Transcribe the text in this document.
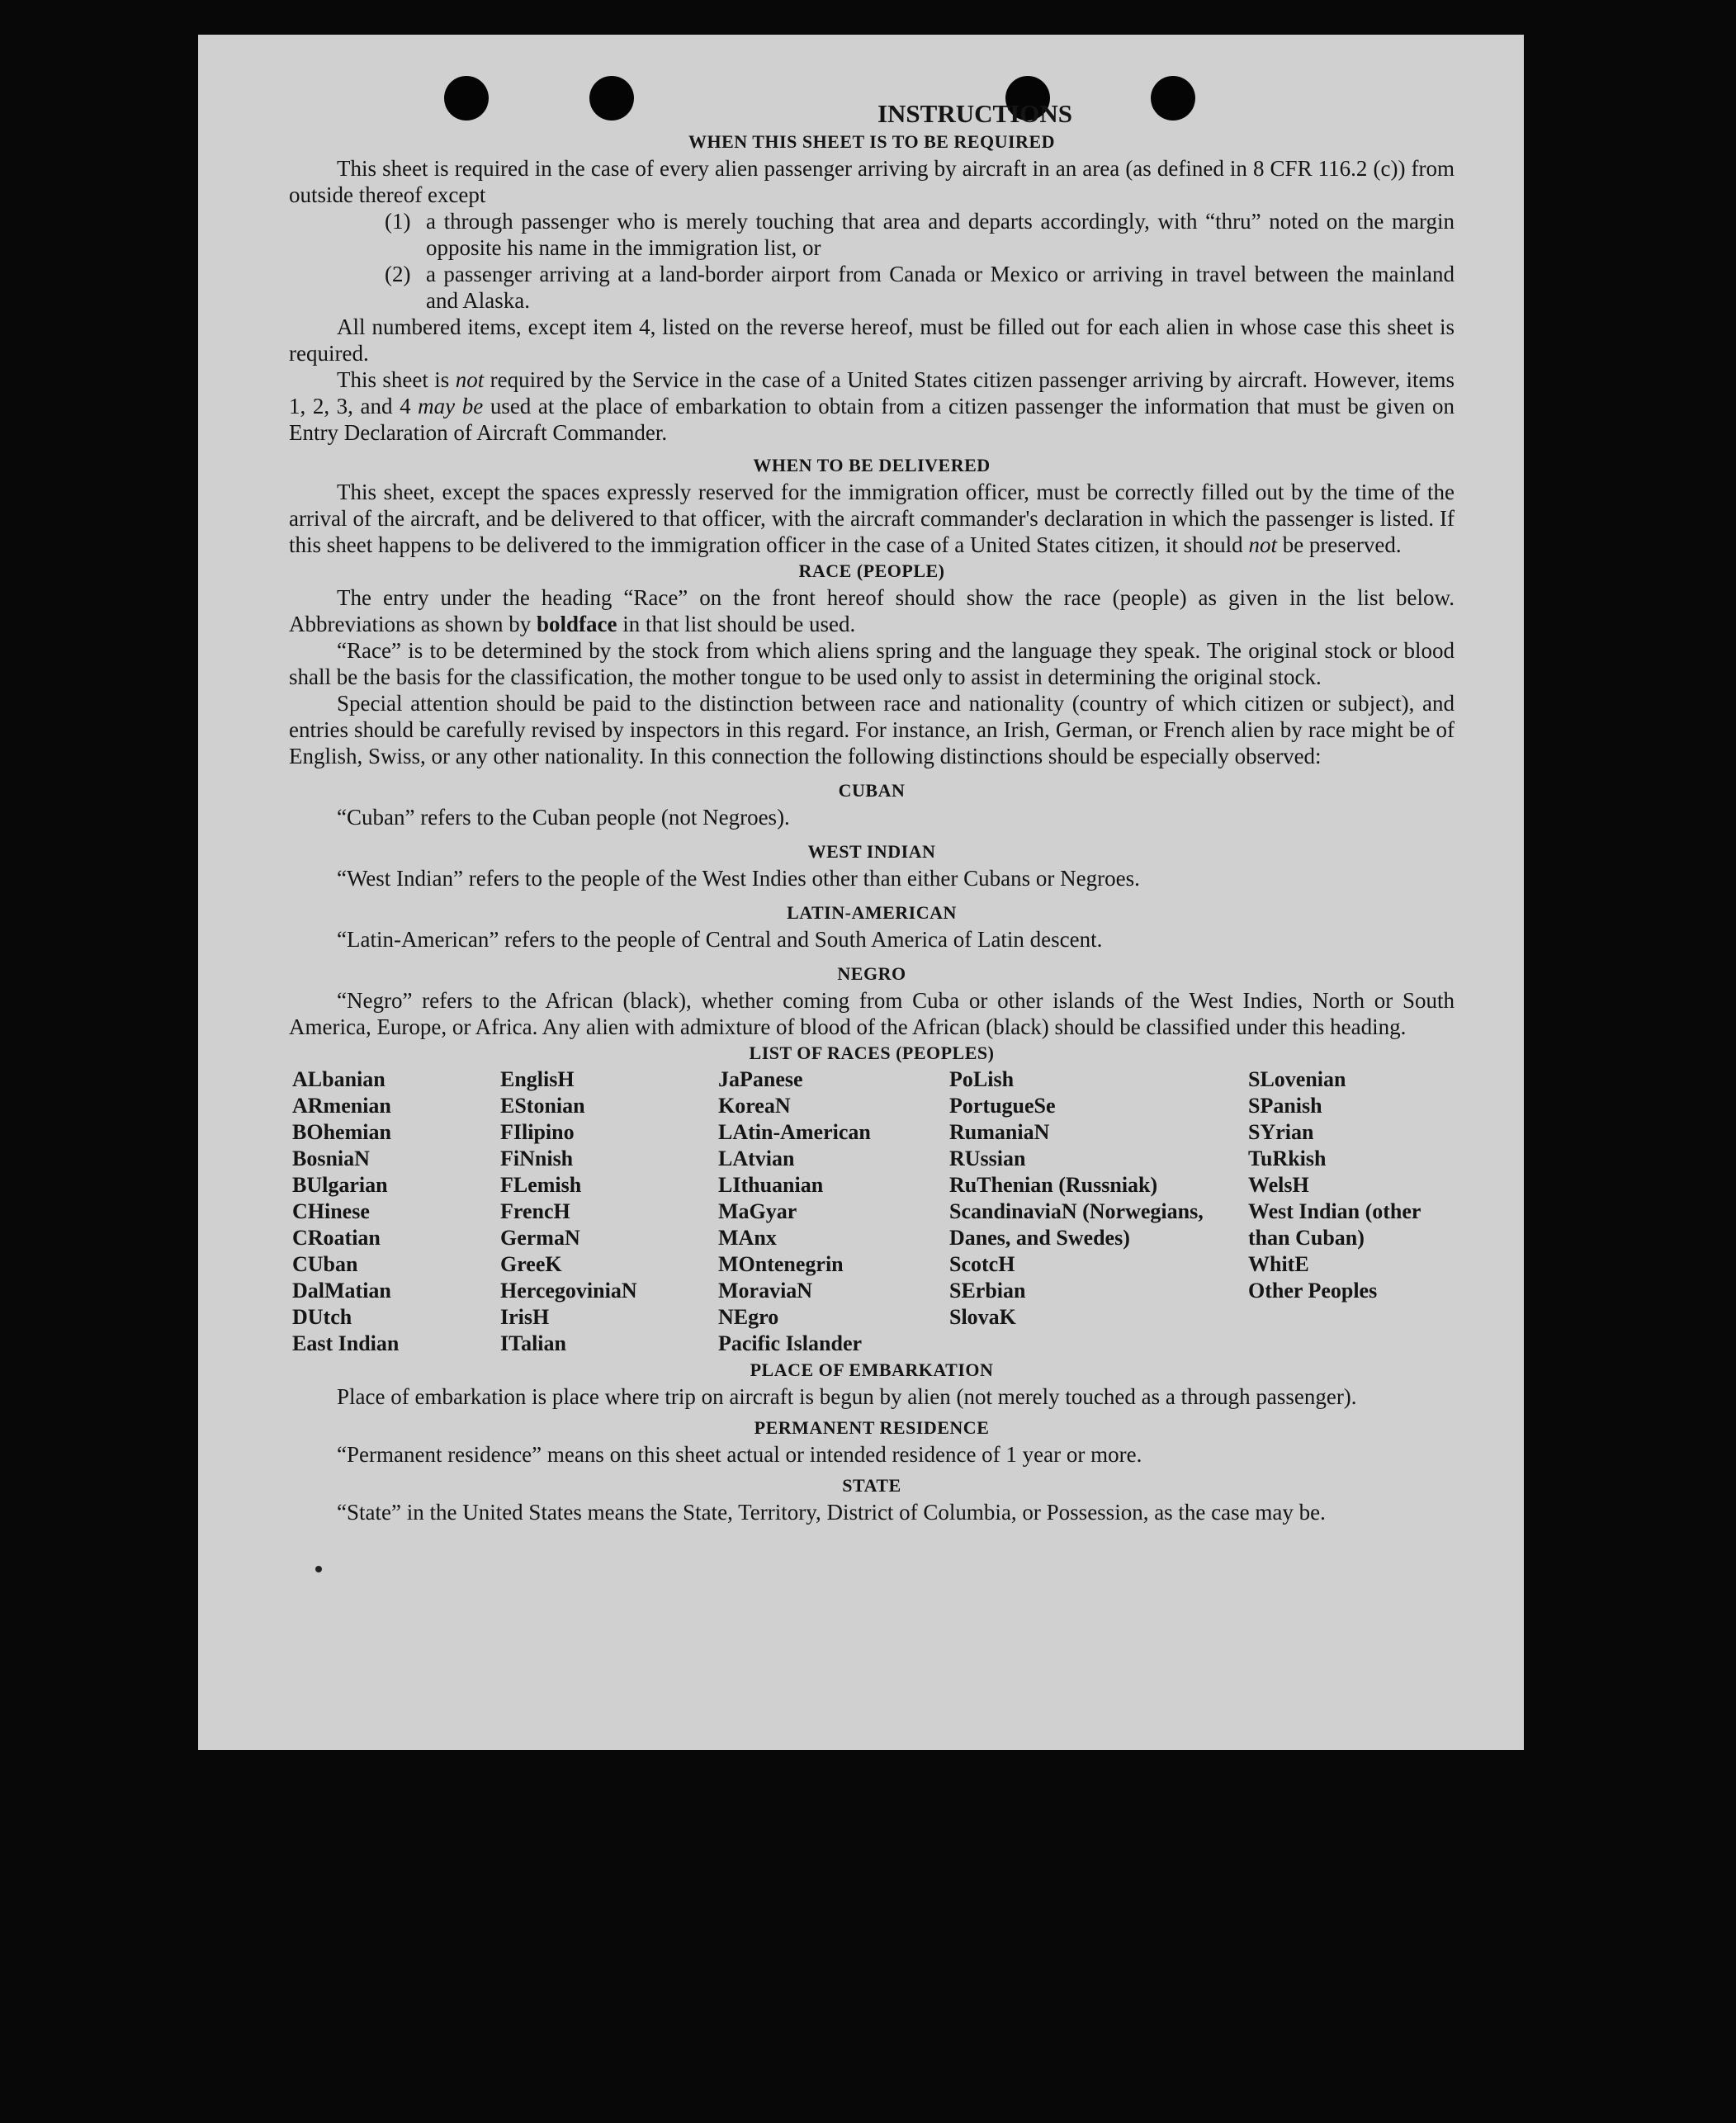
INSTRUCTIONS
WHEN THIS SHEET IS TO BE REQUIRED
This sheet is required in the case of every alien passenger arriving by aircraft in an area (as defined in 8 CFR 116.2 (c)) from outside thereof except
(1) a through passenger who is merely touching that area and departs accordingly, with “thru” noted on the margin opposite his name in the immigration list, or
(2) a passenger arriving at a land-border airport from Canada or Mexico or arriving in travel between the mainland and Alaska.
All numbered items, except item 4, listed on the reverse hereof, must be filled out for each alien in whose case this sheet is required.
This sheet is not required by the Service in the case of a United States citizen passenger arriving by aircraft. However, items 1, 2, 3, and 4 may be used at the place of embarkation to obtain from a citizen passenger the information that must be given on Entry Declaration of Aircraft Commander.
WHEN TO BE DELIVERED
This sheet, except the spaces expressly reserved for the immigration officer, must be correctly filled out by the time of the arrival of the aircraft, and be delivered to that officer, with the aircraft commander's declaration in which the passenger is listed. If this sheet happens to be delivered to the immigration officer in the case of a United States citizen, it should not be preserved.
RACE (PEOPLE)
The entry under the heading “Race” on the front hereof should show the race (people) as given in the list below. Abbreviations as shown by boldface in that list should be used.
“Race” is to be determined by the stock from which aliens spring and the language they speak. The original stock or blood shall be the basis for the classification, the mother tongue to be used only to assist in determining the original stock.
Special attention should be paid to the distinction between race and nationality (country of which citizen or subject), and entries should be carefully revised by inspectors in this regard. For instance, an Irish, German, or French alien by race might be of English, Swiss, or any other nationality. In this connection the following distinctions should be especially observed:
CUBAN
“Cuban” refers to the Cuban people (not Negroes).
WEST INDIAN
“West Indian” refers to the people of the West Indies other than either Cubans or Negroes.
LATIN-AMERICAN
“Latin-American” refers to the people of Central and South America of Latin descent.
NEGRO
“Negro” refers to the African (black), whether coming from Cuba or other islands of the West Indies, North or South America, Europe, or Africa. Any alien with admixture of blood of the African (black) should be classified under this heading.
LIST OF RACES (PEOPLES)
ALbanian
ARmenian
BOhemian
BosniaN
BUlgarian
CHinese
CRoatian
CUban
DalMatian
DUtch
East Indian
EnglisH
EStonian
FIlipino
FiNnish
FLemish
FrencH
GermaN
GreeK
HercegoviniaN
IrisH
ITalian
JaPanese
KoreaN
LAtin-American
LAtvian
LIthuanian
MaGyar
MAnx
MOntenegrin
MoraviaN
NEgro
Pacific Islander
PoLish
PortugueSe
RumaniaN
RUssian
RuThenian (Russniak)
ScandinaviaN (Norwegians, Danes, and Swedes)
ScotcH
SErbian
SlovaK
SLovenian
SPanish
SYrian
TuRkish
WelsH
West Indian (other than Cuban)
WhitE
Other Peoples
PLACE OF EMBARKATION
Place of embarkation is place where trip on aircraft is begun by alien (not merely touched as a through passenger).
PERMANENT RESIDENCE
“Permanent residence” means on this sheet actual or intended residence of 1 year or more.
STATE
“State” in the United States means the State, Territory, District of Columbia, or Possession, as the case may be.
